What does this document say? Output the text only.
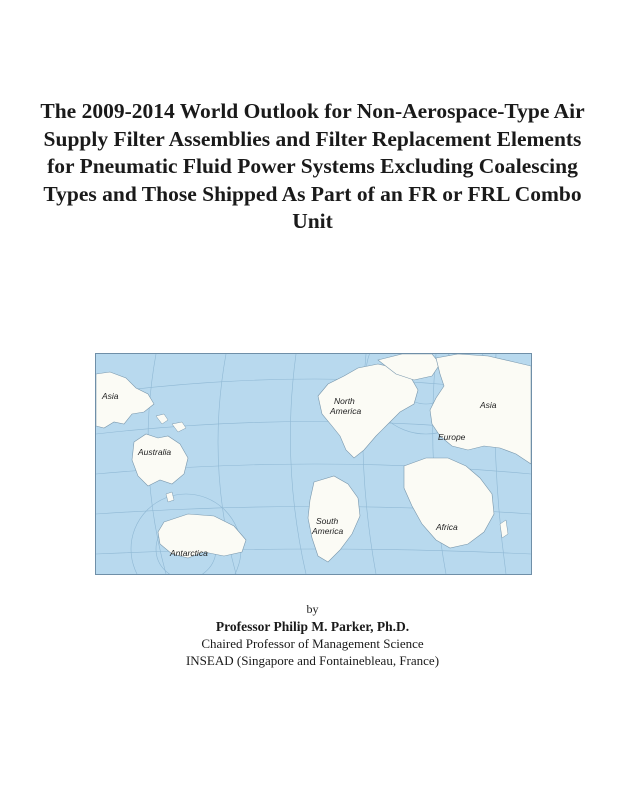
The 2009-2014 World Outlook for Non-Aerospace-Type Air Supply Filter Assemblies and Filter Replacement Elements for Pneumatic Fluid Power Systems Excluding Coalescing Types and Those Shipped As Part of an FR or FRL Combo Unit
Asia
Australia
Antarctica
North
America
South
America
Asia
Europe
Africa
by
Professor Philip M. Parker, Ph.D.
Chaired Professor of Management Science
INSEAD (Singapore and Fontainebleau, France)
